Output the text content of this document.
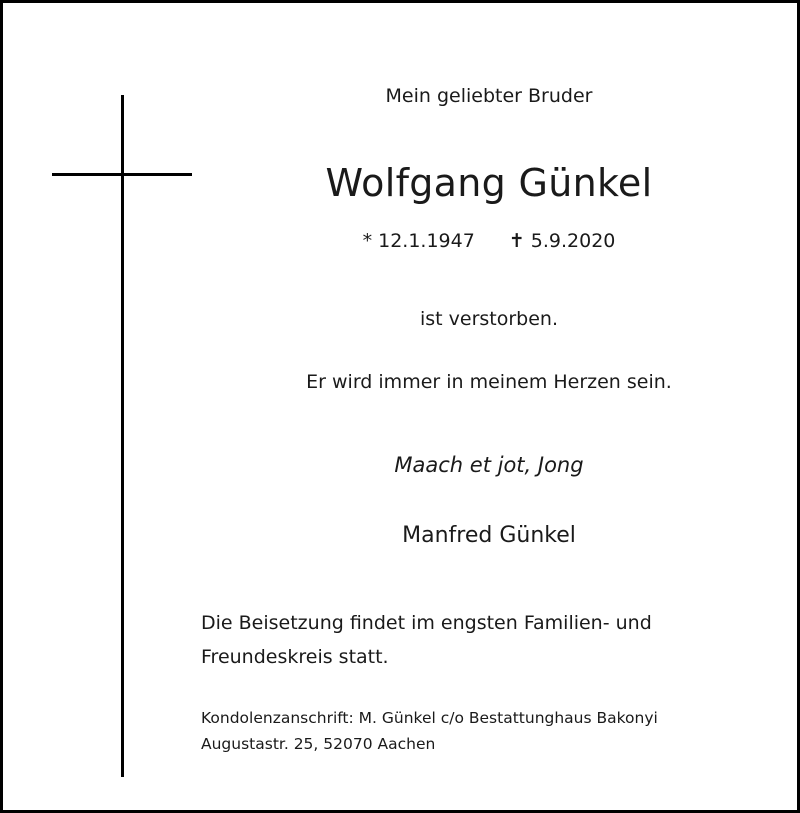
Mein geliebter Bruder
Wolfgang Günkel
* 12.1.1947 ✝ 5.9.2020
ist verstorben.
Er wird immer in meinem Herzen sein.
Maach et jot, Jong
Manfred Günkel
Die Beisetzung findet im engsten Familien- und
Freundeskreis statt.
Kondolenzanschrift: M. Günkel c/o Bestattunghaus Bakonyi
Augustastr. 25, 52070 Aachen
